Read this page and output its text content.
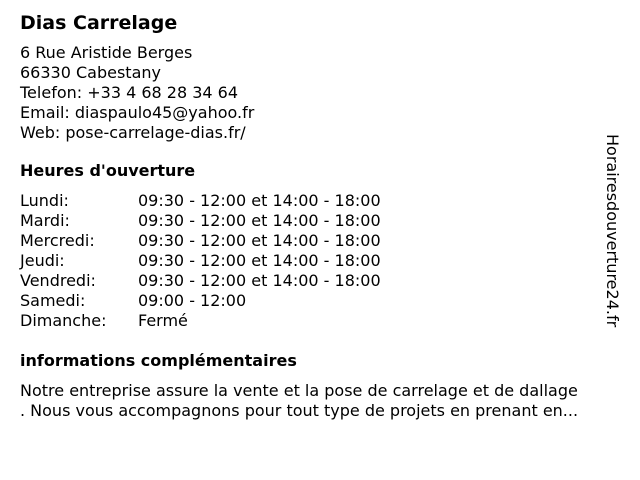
Dias Carrelage
6 Rue Aristide Berges
66330 Cabestany
Telefon: +33 4 68 28 34 64
Email: diaspaulo45@yahoo.fr
Web: pose-carrelage-dias.fr/
Heures d'ouverture
Lundi:	09:30 - 12:00 et 14:00 - 18:00
Mardi:	09:30 - 12:00 et 14:00 - 18:00
Mercredi:	09:30 - 12:00 et 14:00 - 18:00
Jeudi:	09:30 - 12:00 et 14:00 - 18:00
Vendredi:	09:30 - 12:00 et 14:00 - 18:00
Samedi:	09:00 - 12:00
Dimanche:	Fermé
informations complémentaires
Notre entreprise assure la vente et la pose de carrelage et de dallage
. Nous vous accompagnons pour tout type de projets en prenant en...
Horairesdouverture24.fr
